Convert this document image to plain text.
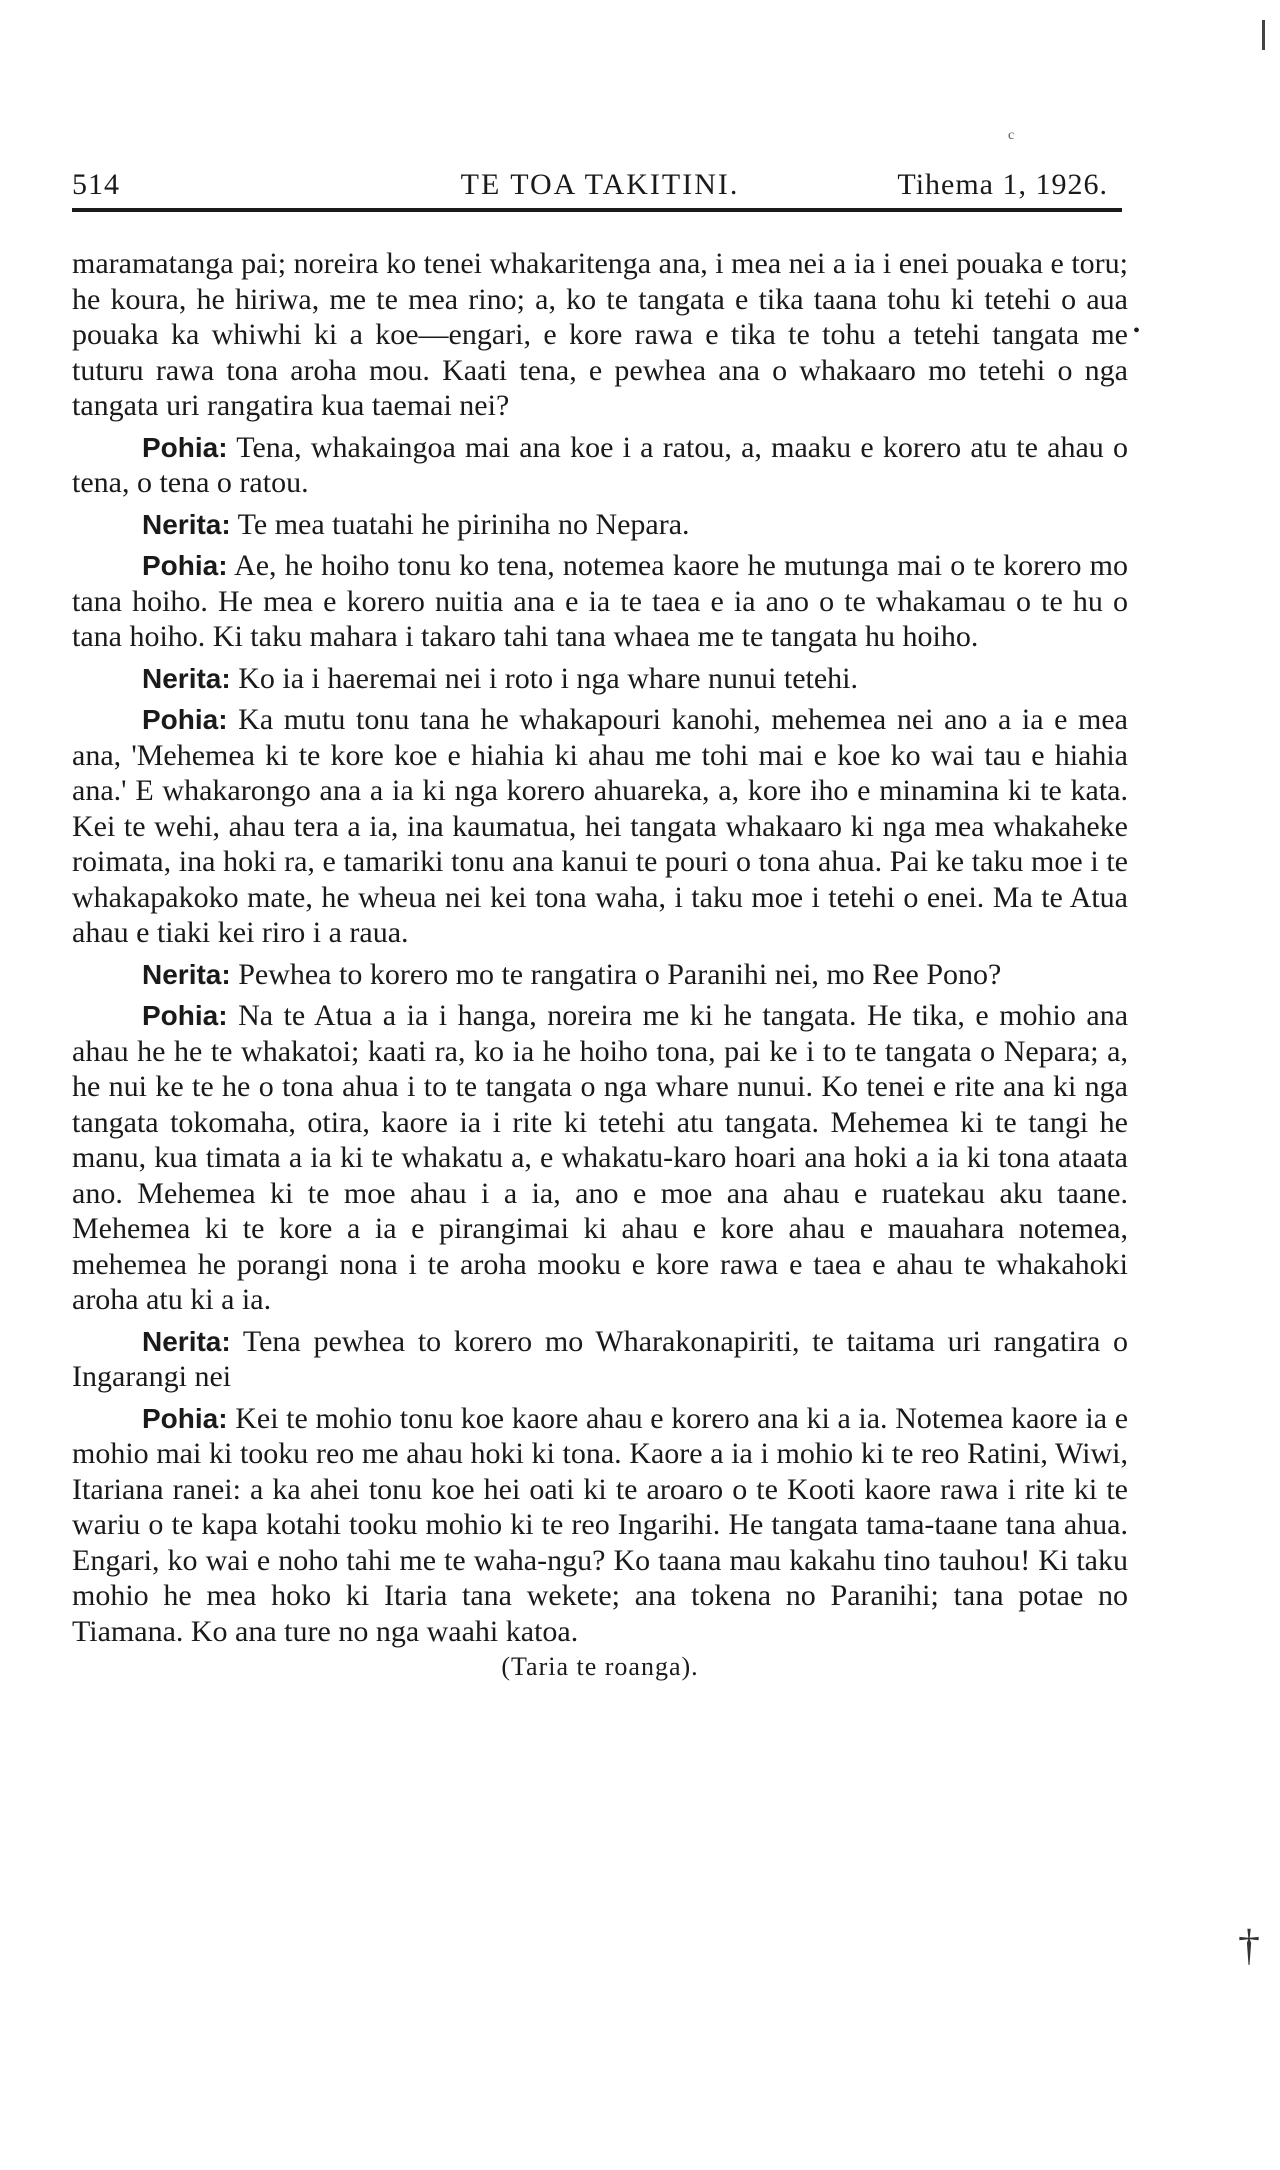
c
514	TE TOA TAKITINI.	Tihema 1, 1926.
•

maramatanga pai; noreira ko tenei whakaritenga ana, i mea nei a ia i enei pouaka e toru; he koura, he hiriwa, me te mea rino; a, ko te tangata e tika taana tohu ki tetehi o aua pouaka ka whiwhi ki a koe—engari, e kore rawa e tika te tohu a tetehi tangata me tuturu rawa tona aroha mou. Kaati tena, e pewhea ana o whakaaro mo tetehi o nga tangata uri rangatira kua taemai nei?

Pohia: Tena, whakaingoa mai ana koe i a ratou, a, maaku e korero atu te ahau o tena, o tena o ratou.

Nerita: Te mea tuatahi he piriniha no Nepara.

Pohia: Ae, he hoiho tonu ko tena, notemea kaore he mutunga mai o te korero mo tana hoiho. He mea e korero nuitia ana e ia te taea e ia ano o te whakamau o te hu o tana hoiho. Ki taku mahara i takaro tahi tana whaea me te tangata hu hoiho.

Nerita: Ko ia i haeremai nei i roto i nga whare nunui tetehi.

Pohia: Ka mutu tonu tana he whakapouri kanohi, mehemea nei ano a ia e mea ana, 'Mehemea ki te kore koe e hiahia ki ahau me tohi mai e koe ko wai tau e hiahia ana.' E whakarongo ana a ia ki nga korero ahuareka, a, kore iho e minamina ki te kata. Kei te wehi, ahau tera a ia, ina kaumatua, hei tangata whakaaro ki nga mea whakaheke roimata, ina hoki ra, e tamariki tonu ana kanui te pouri o tona ahua. Pai ke taku moe i te whakapakoko mate, he wheua nei kei tona waha, i taku moe i tetehi o enei. Ma te Atua ahau e tiaki kei riro i a raua.

Nerita: Pewhea to korero mo te rangatira o Paranihi nei, mo Ree Pono?

Pohia: Na te Atua a ia i hanga, noreira me ki he tangata. He tika, e mohio ana ahau he he te whakatoi; kaati ra, ko ia he hoiho tona, pai ke i to te tangata o Nepara; a, he nui ke te he o tona ahua i to te tangata o nga whare nunui. Ko tenei e rite ana ki nga tangata tokomaha, otira, kaore ia i rite ki tetehi atu tangata. Mehemea ki te tangi he manu, kua timata a ia ki te whakatu a, e whakatu-karo hoari ana hoki a ia ki tona ataata ano. Mehemea ki te moe ahau i a ia, ano e moe ana ahau e ruatekau aku taane. Mehemea ki te kore a ia e pirangimai ki ahau e kore ahau e mauahara notemea, mehemea he porangi nona i te aroha mooku e kore rawa e taea e ahau te whakahoki aroha atu ki a ia.

Nerita: Tena pewhea to korero mo Wharakonapiriti, te taitama uri rangatira o Ingarangi nei

Pohia: Kei te mohio tonu koe kaore ahau e korero ana ki a ia. Notemea kaore ia e mohio mai ki tooku reo me ahau hoki ki tona. Kaore a ia i mohio ki te reo Ratini, Wiwi, Itariana ranei: a ka ahei tonu koe hei oati ki te aroaro o te Kooti kaore rawa i rite ki te wariu o te kapa kotahi tooku mohio ki te reo Ingarihi. He tangata tama-taane tana ahua. Engari, ko wai e noho tahi me te waha-ngu? Ko taana mau kakahu tino tauhou! Ki taku mohio he mea hoko ki Itaria tana wekete; ana tokena no Paranihi; tana potae no Tiamana. Ko ana ture no nga waahi katoa.

(Taria te roanga).

†
